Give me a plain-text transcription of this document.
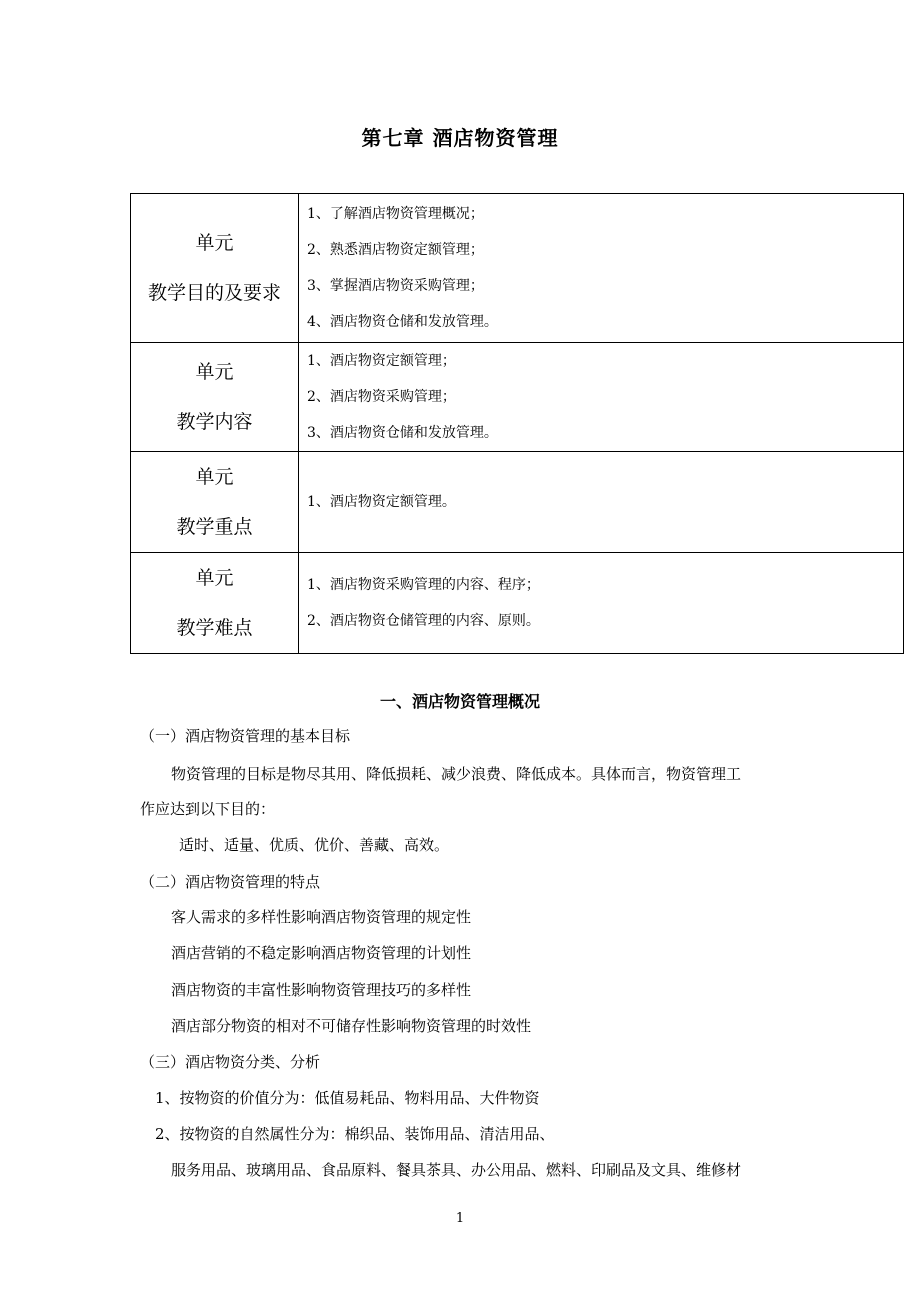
第七章 酒店物资管理
单元
教学目的及要求	1、了解酒店物资管理概况；
2、熟悉酒店物资定额管理；
3、掌握酒店物资采购管理；
4、酒店物资仓储和发放管理。

单元
教学内容	1、酒店物资定额管理；
2、酒店物资采购管理；
3、酒店物资仓储和发放管理。

单元
教学重点	1、酒店物资定额管理。

单元
教学难点	1、酒店物资采购管理的内容、程序；
2、酒店物资仓储管理的内容、原则。
一、酒店物资管理概况
（一）酒店物资管理的基本目标
物资管理的目标是物尽其用、降低损耗、减少浪费、降低成本。具体而言，物资管理工
作应达到以下目的：
适时、适量、优质、优价、善藏、高效。
（二）酒店物资管理的特点
客人需求的多样性影响酒店物资管理的规定性
酒店营销的不稳定影响酒店物资管理的计划性
酒店物资的丰富性影响物资管理技巧的多样性
酒店部分物资的相对不可储存性影响物资管理的时效性
（三）酒店物资分类、分析
1、按物资的价值分为：低值易耗品、物料用品、大件物资
2、按物资的自然属性分为：棉织品、装饰用品、清洁用品、
服务用品、玻璃用品、食品原料、餐具茶具、办公用品、燃料、印刷品及文具、维修材
1
